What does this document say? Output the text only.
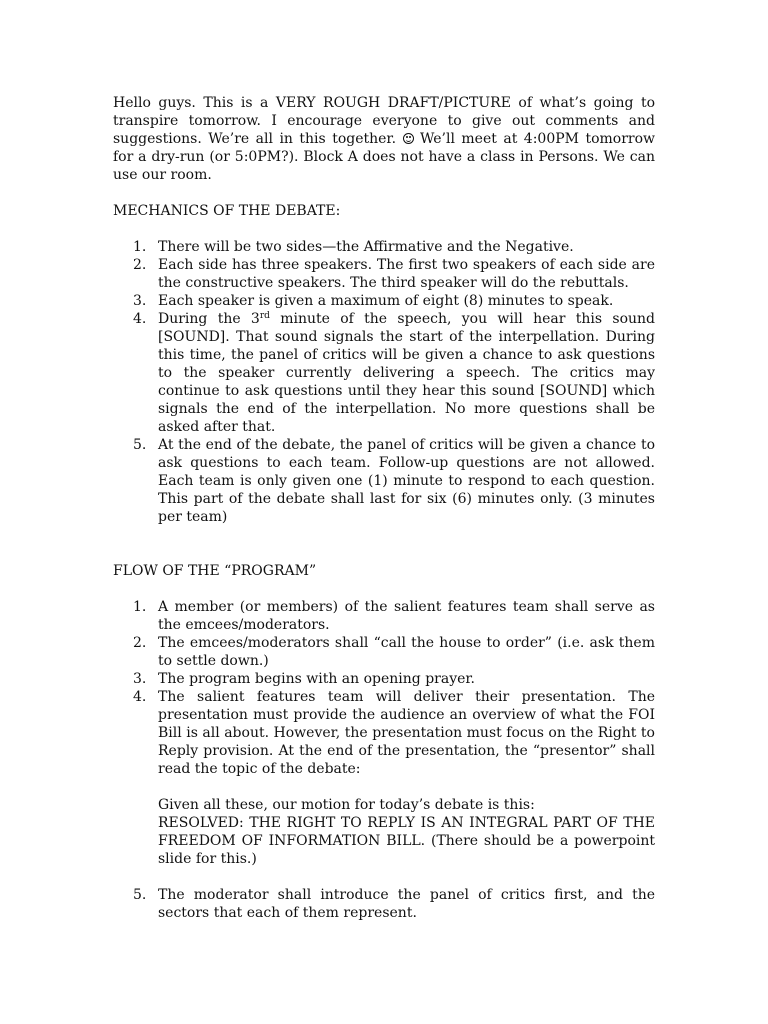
Hello guys. This is a VERY ROUGH DRAFT/PICTURE of what’s going to transpire tomorrow. I encourage everyone to give out comments and suggestions. We’re all in this together. We’ll meet at 4:00PM tomorrow for a dry-run (or 5:0PM?). Block A does not have a class in Persons. We can use our room.

MECHANICS OF THE DEBATE:

1. There will be two sides—the Affirmative and the Negative.
2. Each side has three speakers. The first two speakers of each side are the constructive speakers. The third speaker will do the rebuttals.
3. Each speaker is given a maximum of eight (8) minutes to speak.
4. During the 3rd minute of the speech, you will hear this sound [SOUND]. That sound signals the start of the interpellation. During this time, the panel of critics will be given a chance to ask questions to the speaker currently delivering a speech. The critics may continue to ask questions until they hear this sound [SOUND] which signals the end of the interpellation. No more questions shall be asked after that.
5. At the end of the debate, the panel of critics will be given a chance to ask questions to each team. Follow-up questions are not allowed. Each team is only given one (1) minute to respond to each question. This part of the debate shall last for six (6) minutes only. (3 minutes per team)

FLOW OF THE “PROGRAM”

1. A member (or members) of the salient features team shall serve as the emcees/moderators.
2. The emcees/moderators shall “call the house to order” (i.e. ask them to settle down.)
3. The program begins with an opening prayer.
4. The salient features team will deliver their presentation. The presentation must provide the audience an overview of what the FOI Bill is all about. However, the presentation must focus on the Right to Reply provision. At the end of the presentation, the “presentor” shall read the topic of the debate:
Given all these, our motion for today’s debate is this:
RESOLVED: THE RIGHT TO REPLY IS AN INTEGRAL PART OF THE FREEDOM OF INFORMATION BILL. (There should be a powerpoint slide for this.)
5. The moderator shall introduce the panel of critics first, and the sectors that each of them represent.
